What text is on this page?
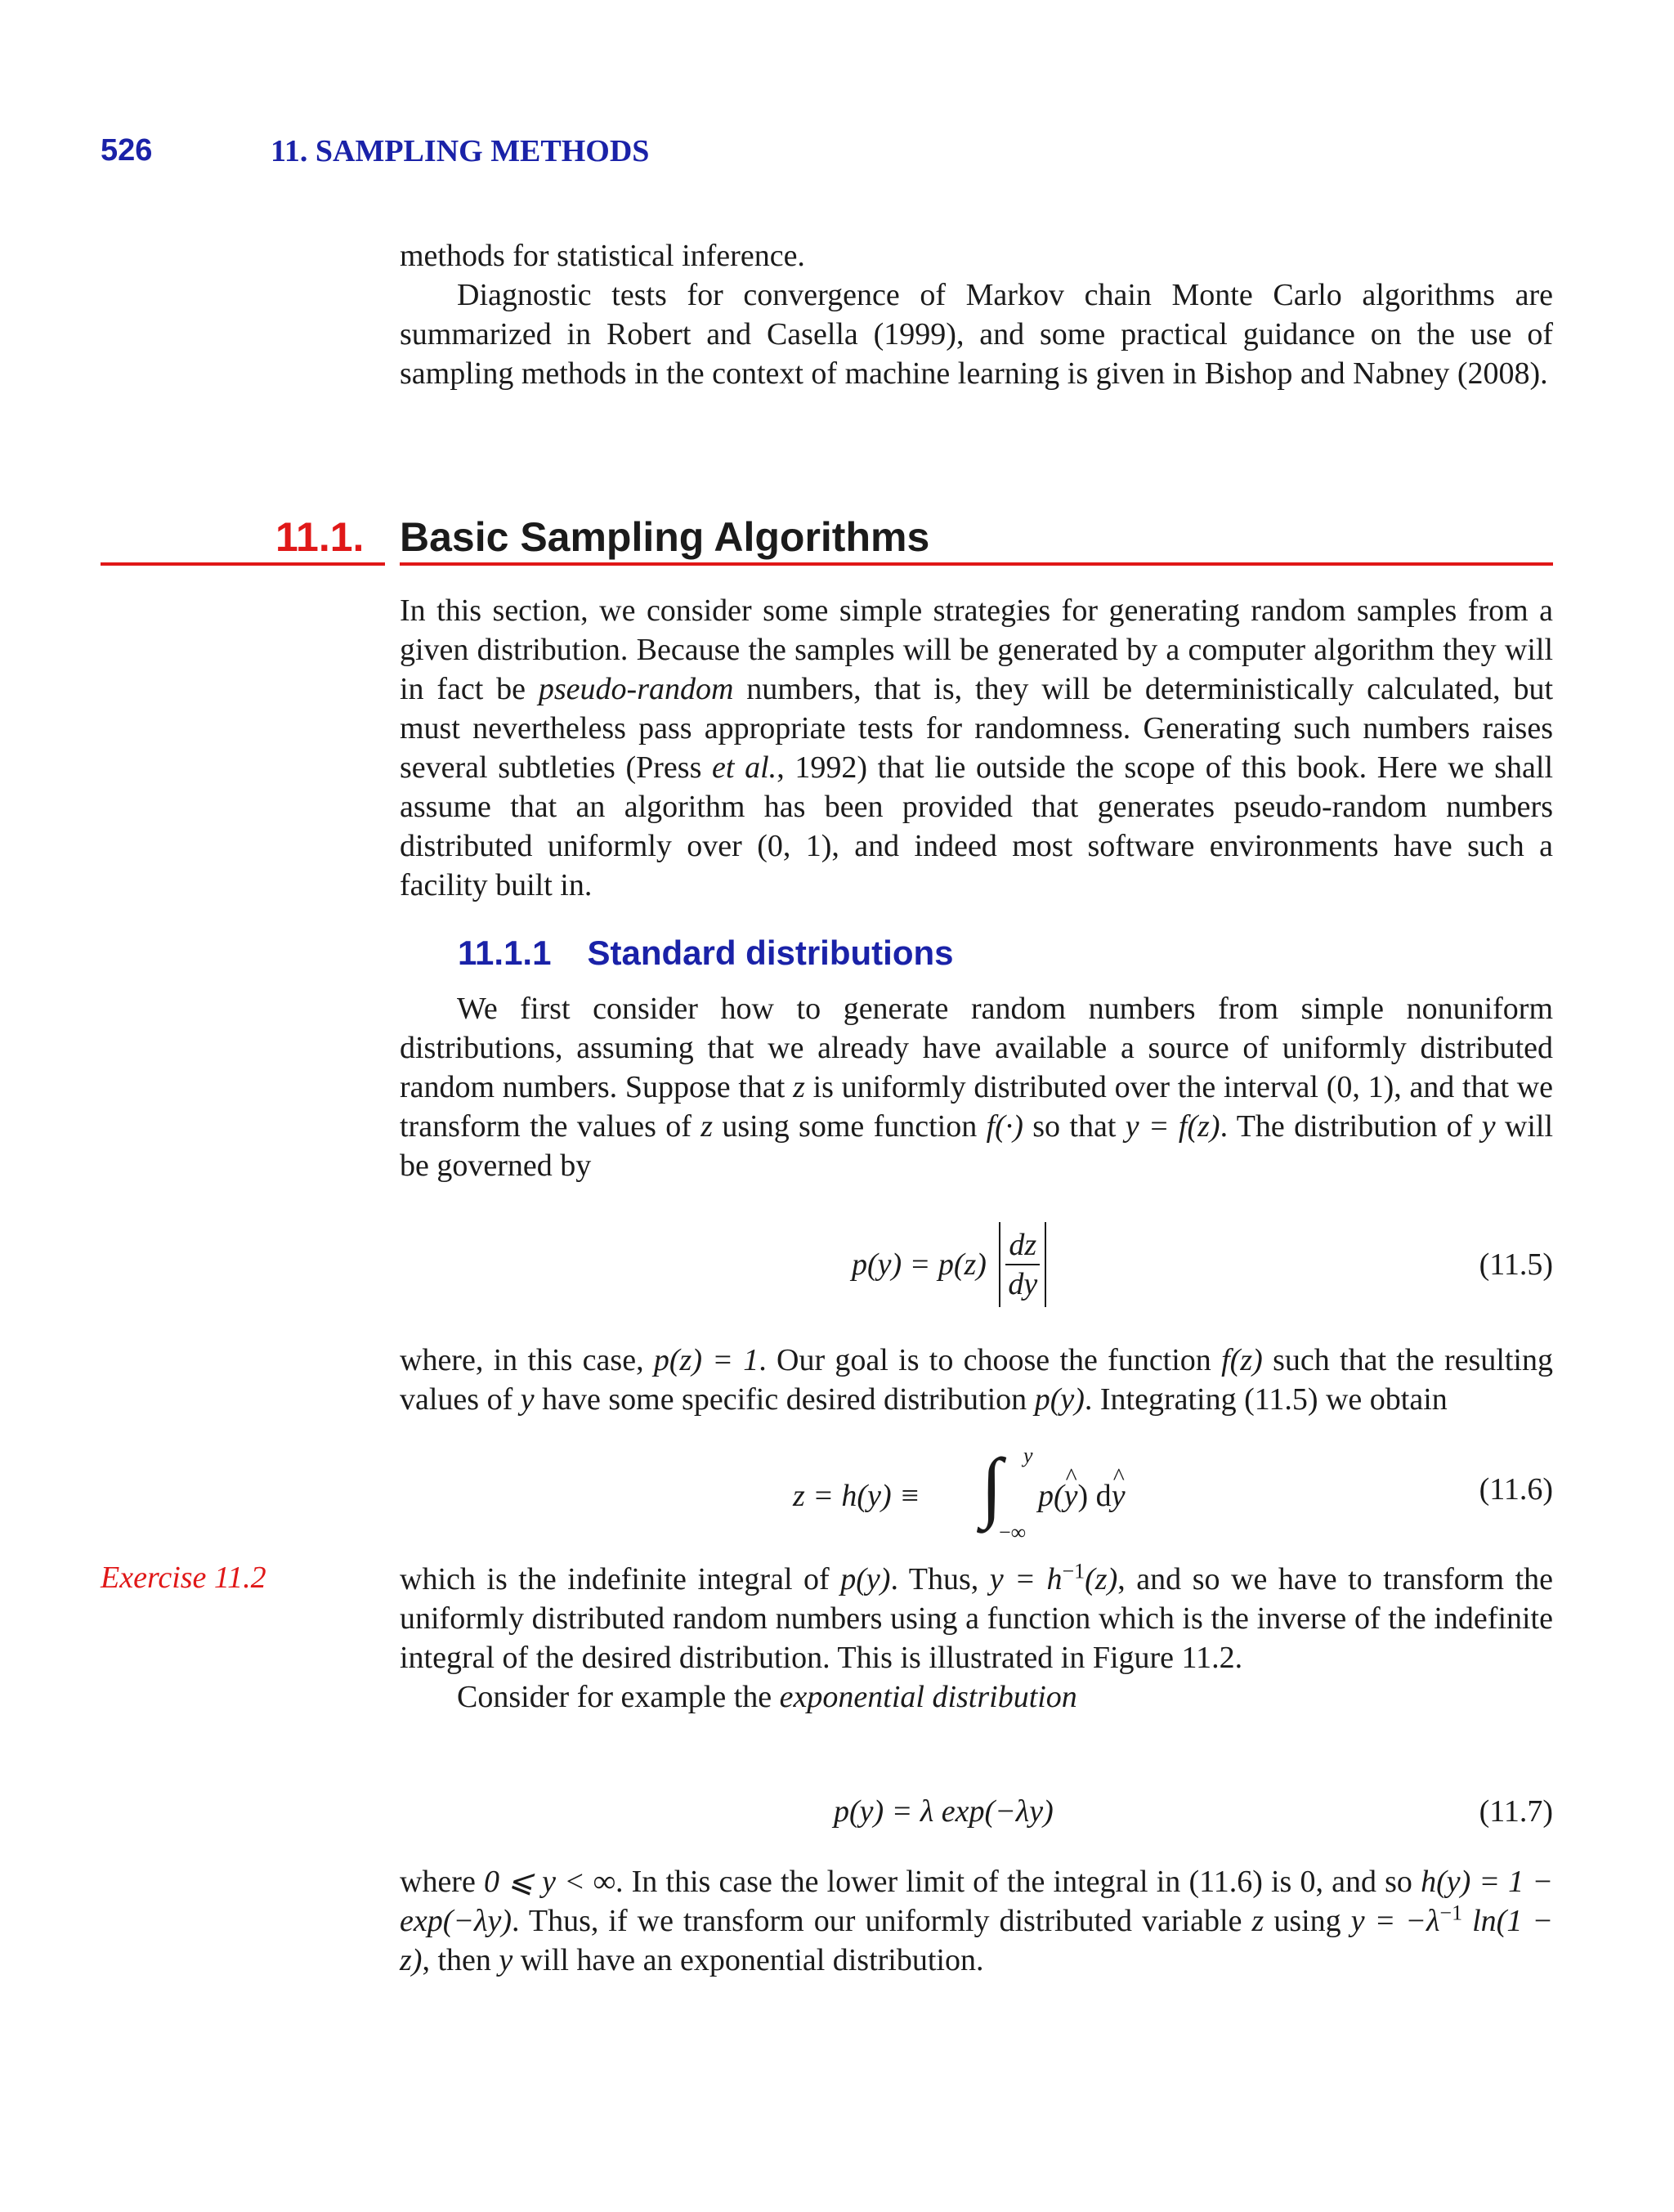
526	11. SAMPLING METHODS

methods for statistical inference.

Diagnostic tests for convergence of Markov chain Monte Carlo algorithms are summarized in Robert and Casella (1999), and some practical guidance on the use of sampling methods in the context of machine learning is given in Bishop and Nabney (2008).

11.1. Basic Sampling Algorithms

In this section, we consider some simple strategies for generating random samples from a given distribution. Because the samples will be generated by a computer algorithm they will in fact be pseudo-random numbers, that is, they will be deterministically calculated, but must nevertheless pass appropriate tests for randomness. Generating such numbers raises several subtleties (Press et al., 1992) that lie outside the scope of this book. Here we shall assume that an algorithm has been provided that generates pseudo-random numbers distributed uniformly over (0, 1), and indeed most software environments have such a facility built in.

11.1.1 Standard distributions

We first consider how to generate random numbers from simple nonuniform distributions, assuming that we already have available a source of uniformly distributed random numbers. Suppose that z is uniformly distributed over the interval (0, 1), and that we transform the values of z using some function f(·) so that y = f(z). The distribution of y will be governed by

$p(y) = p(z) \frac{dz}{dy}$	(11.5)

where, in this case, p(z) = 1. Our goal is to choose the function f(z) such that the resulting values of y have some specific desired distribution p(y). Integrating (11.5) we obtain

z = h(y) ≡ ∫ y
−∞
p(^ y) d^ y	(11.6)
Exercise 11.2	which is the indefinite integral of p(y). Thus, $y = h^{-1}(z)$, and so we have to transform the uniformly distributed random numbers using a function which is the inverse of the indefinite integral of the desired distribution. This is illustrated in Figure 11.2.

Consider for example the exponential distribution

p(y) = λ exp(−λy)	(11.7)

where 0 ⩽ y < ∞. In this case the lower limit of the integral in (11.6) is 0, and so h(y) = 1 − exp(−λy). Thus, if we transform our uniformly distributed variable z using $y = -\lambda^{-1}$ ln(1 − z), then y will have an exponential distribution.
